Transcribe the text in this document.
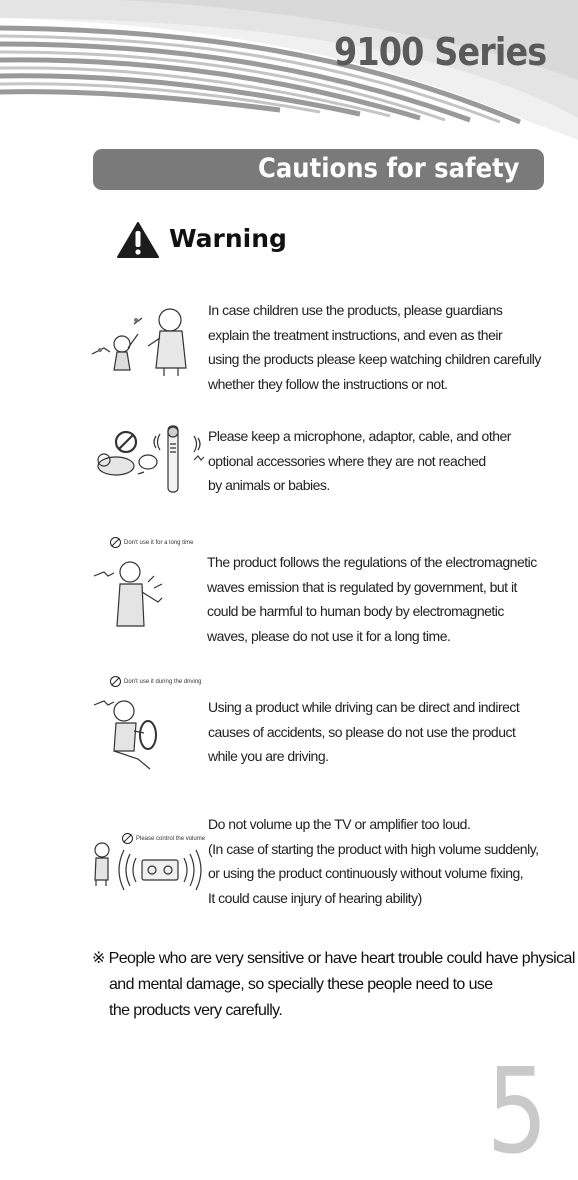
9100 Series
Cautions for safety
Warning
In case children use the products, please guardians
explain the treatment instructions, and even as their
using the products please keep watching children carefully
whether they follow the instructions or not.
Please keep a microphone, adaptor, cable, and other
optional accessories where they are not reached
by animals or babies.
Don't use it for a long time
The product follows the regulations of the electromagnetic
waves emission that is regulated by government, but it
could be harmful to human body by electromagnetic
waves, please do not use it for a long time.
Don't use it during the driving
Using a product while driving can be direct and indirect
causes of accidents, so please do not use the product
while you are driving.
Please control the volume
Do not volume up the TV or amplifier too loud.
(In case of starting the product with high volume suddenly,
or using the product continuously without volume fixing,
It could cause injury of hearing ability)
※ People who are very sensitive or have heart trouble could have physical
and mental damage, so specially these people need to use
the products very carefully.
5
